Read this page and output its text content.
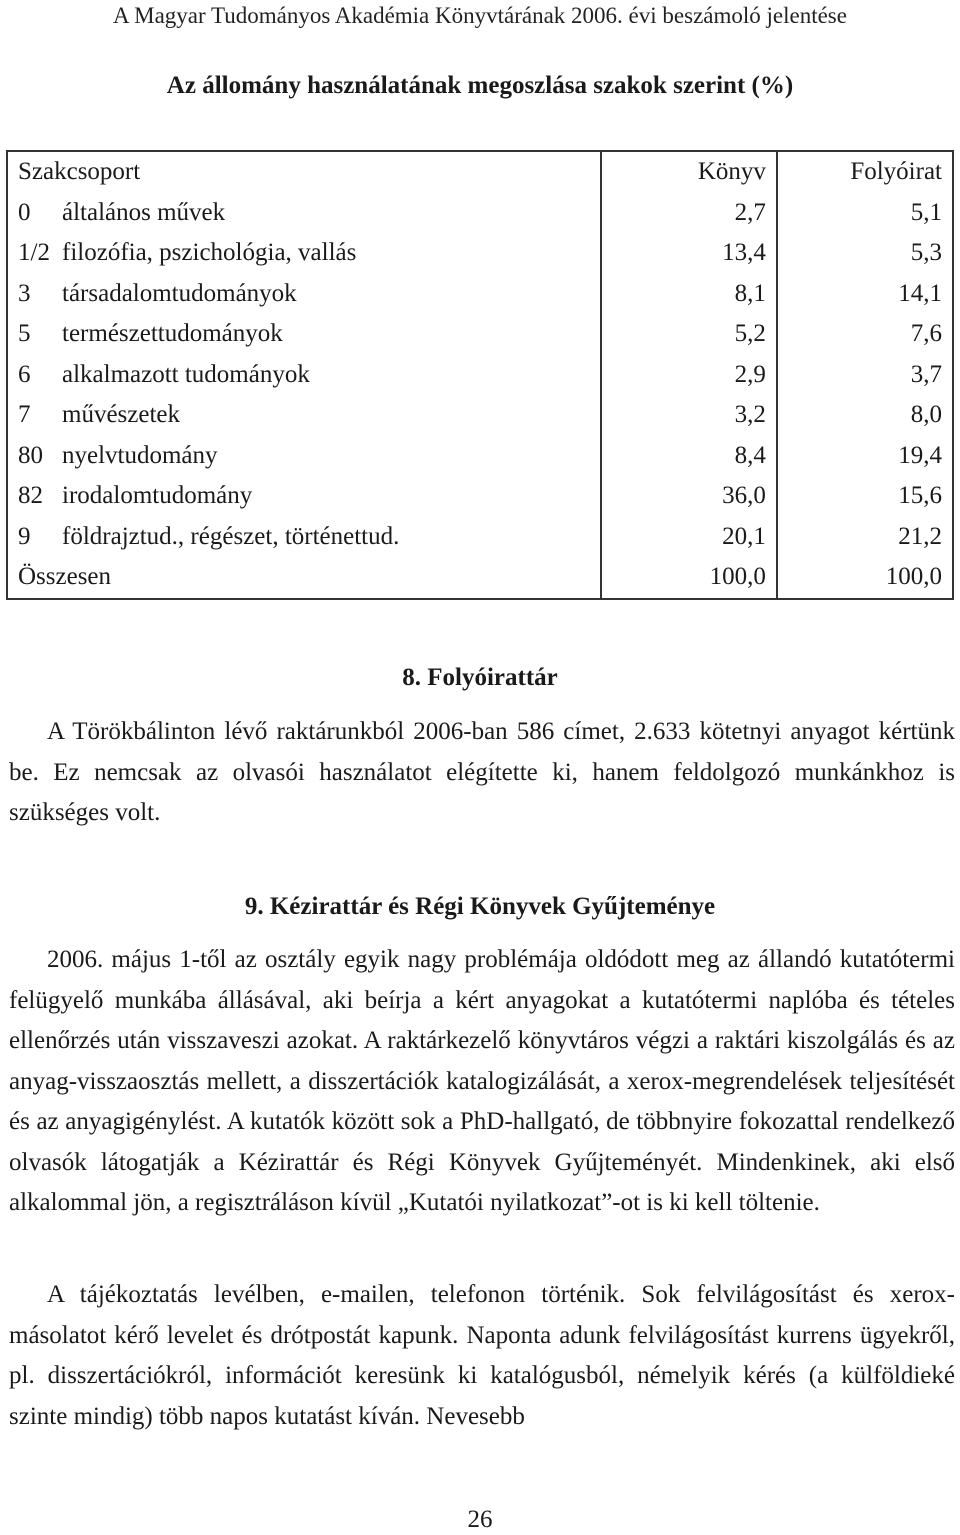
A Magyar Tudományos Akadémia Könyvtárának 2006. évi beszámoló jelentése
Az állomány használatának megoszlása szakok szerint (%)
Szakcsoport	Könyv	Folyóirat
0 általános művek	2,7	5,1
1/2 filozófia, pszichológia, vallás	13,4	5,3
3 társadalomtudományok	8,1	14,1
5 természettudományok	5,2	7,6
6 alkalmazott tudományok	2,9	3,7
7 művészetek	3,2	8,0
80 nyelvtudomány	8,4	19,4
82 irodalomtudomány	36,0	15,6
9 földrajztud., régészet, történettud.	20,1	21,2
Összesen	100,0	100,0
8. Folyóirattár

A Törökbálinton lévő raktárunkból 2006-ban 586 címet, 2.633 kötetnyi anyagot kértünk be. Ez nemcsak az olvasói használatot elégítette ki, hanem feldolgozó munkánkhoz is szükséges volt.

9. Kézirattár és Régi Könyvek Gyűjteménye

2006. május 1-től az osztály egyik nagy problémája oldódott meg az állandó kutatótermi felügyelő munkába állásával, aki beírja a kért anyagokat a kutatótermi naplóba és tételes ellenőrzés után visszaveszi azokat. A raktárkezelő könyvtáros végzi a raktári kiszolgálás és az anyag-visszaosztás mellett, a disszertációk katalogizálását, a xerox-megrendelések teljesítését és az anyagigénylést. A kutatók között sok a PhD-hallgató, de többnyire fokozattal rendelkező olvasók látogatják a Kézirattár és Régi Könyvek Gyűjteményét. Mindenkinek, aki első alkalommal jön, a regisztráláson kívül „Kutatói nyilatkozat”-ot is ki kell töltenie.

A tájékoztatás levélben, e-mailen, telefonon történik. Sok felvilágosítást és xerox-másolatot kérő levelet és drótpostát kapunk. Naponta adunk felvilágosítást kurrens ügyekről, pl. disszertációkról, információt keresünk ki katalógusból, némelyik kérés (a külföldieké szinte mindig) több napos kutatást kíván. Nevesebb

26
